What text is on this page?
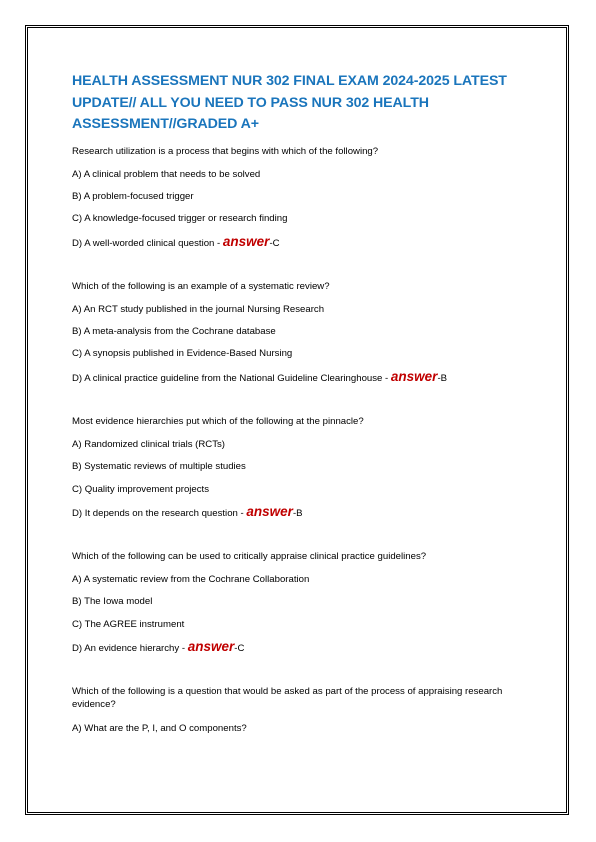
HEALTH ASSESSMENT NUR 302 FINAL EXAM 2024-2025 LATEST UPDATE// ALL YOU NEED TO PASS NUR 302 HEALTH ASSESSMENT//GRADED A+

Research utilization is a process that begins with which of the following?

A) A clinical problem that needs to be solved

B) A problem-focused trigger

C) A knowledge-focused trigger or research finding

D) A well-worded clinical question - answer-C

Which of the following is an example of a systematic review?

A) An RCT study published in the journal Nursing Research

B) A meta-analysis from the Cochrane database

C) A synopsis published in Evidence-Based Nursing

D) A clinical practice guideline from the National Guideline Clearinghouse - answer-B

Most evidence hierarchies put which of the following at the pinnacle?

A) Randomized clinical trials (RCTs)

B) Systematic reviews of multiple studies

C) Quality improvement projects

D) It depends on the research question - answer-B

Which of the following can be used to critically appraise clinical practice guidelines?

A) A systematic review from the Cochrane Collaboration

B) The Iowa model

C) The AGREE instrument

D) An evidence hierarchy - answer-C

Which of the following is a question that would be asked as part of the process of appraising research evidence?

A) What are the P, I, and O components?
